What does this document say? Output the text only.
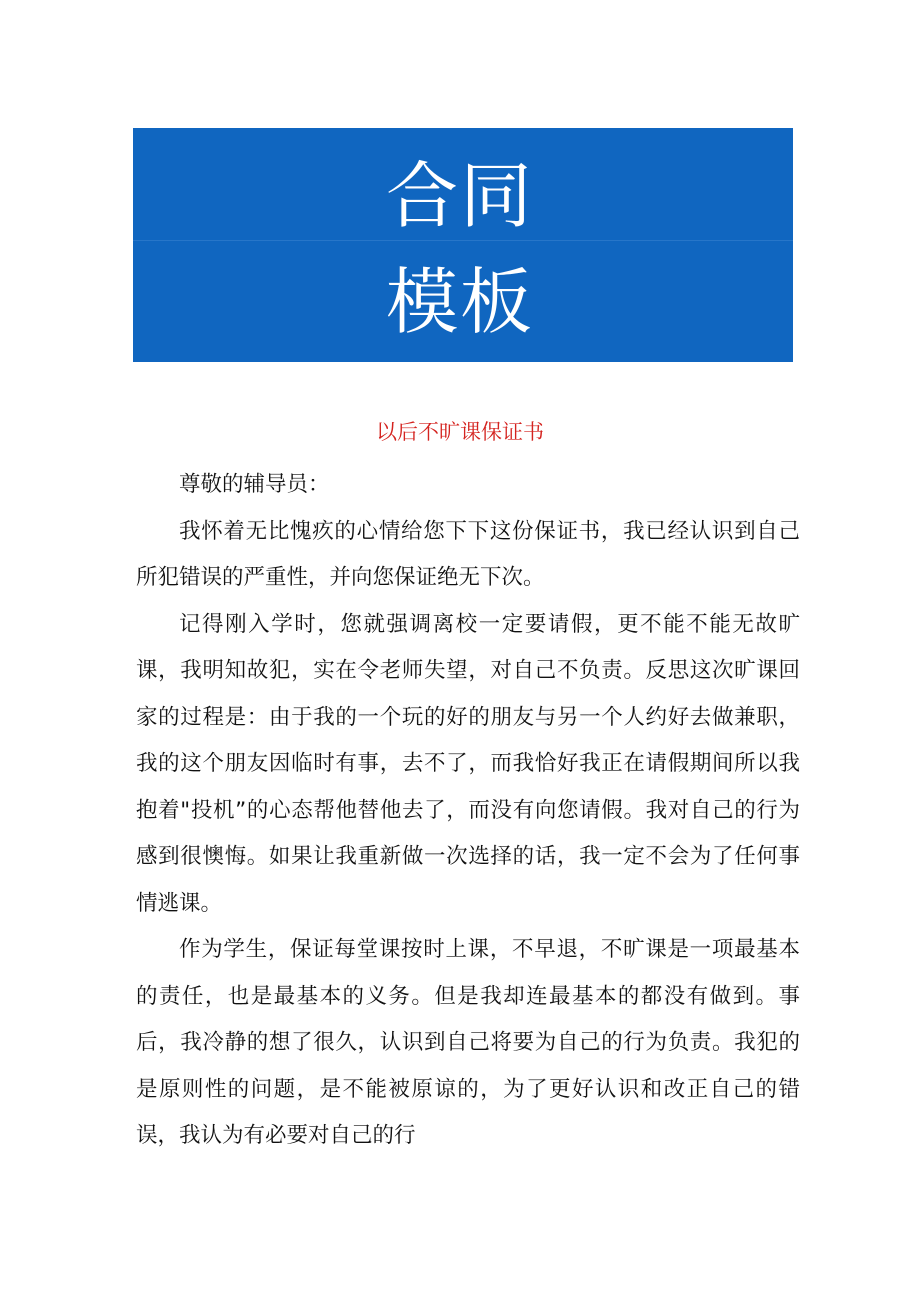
合同
模板
以后不旷课保证书

尊敬的辅导员：

我怀着无比愧疚的心情给您下下这份保证书，我已经认识到自己所犯错误的严重性，并向您保证绝无下次。

记得刚入学时，您就强调离校一定要请假，更不能不能无故旷课，我明知故犯，实在令老师失望，对自己不负责。反思这次旷课回家的过程是：由于我的一个玩的好的朋友与另一个人约好去做兼职，我的这个朋友因临时有事，去不了，而我恰好我正在请假期间所以我抱着"投机”的心态帮他替他去了，而没有向您请假。我对自己的行为感到很懊悔。如果让我重新做一次选择的话，我一定不会为了任何事情逃课。

作为学生，保证每堂课按时上课，不早退，不旷课是一项最基本的责任，也是最基本的义务。但是我却连最基本的都没有做到。事后，我冷静的想了很久，认识到自己将要为自己的行为负责。我犯的是原则性的问题，是不能被原谅的，为了更好认识和改正自己的错误，我认为有必要对自己的行
